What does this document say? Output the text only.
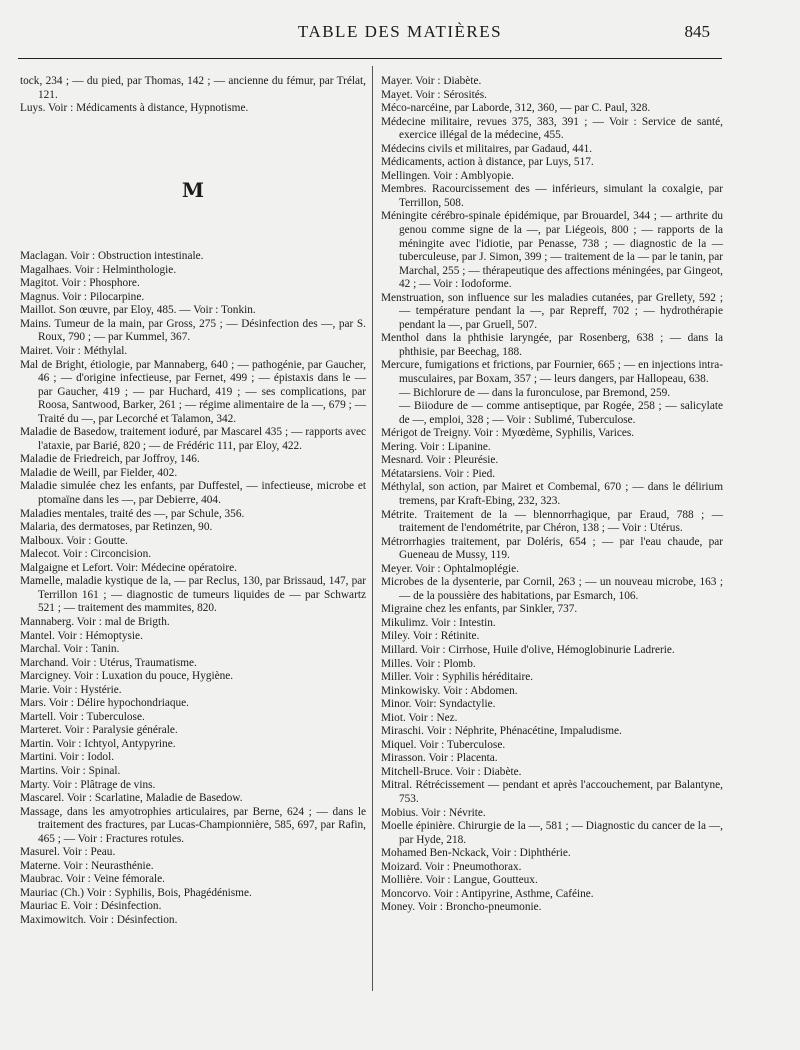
TABLE DES MATIÈRES	845

tock, 234 ; — du pied, par Thomas, 142 ; — ancienne du fémur, par Trélat, 121.

Luys. Voir : Médicaments à distance, Hypnotisme.

M

Maclagan. Voir : Obstruction intestinale.

Magalhaes. Voir : Helminthologie.

Magitot. Voir : Phosphore.

Magnus. Voir : Pilocarpine.

Maillot. Son œuvre, par Eloy, 485. — Voir : Tonkin.

Mains. Tumeur de la main, par Gross, 275 ; — Désinfection des —, par S. Roux, 790 ; — par Kummel, 367.

Mairet. Voir : Méthylal.

Mal de Bright, étiologie, par Mannaberg, 640 ; — pathogénie, par Gaucher, 46 ; — d'origine infectieuse, par Fernet, 499 ; — épistaxis dans le — par Gaucher, 419 ; — par Huchard, 419 ; — ses complications, par Roosa, Santwood, Barker, 261 ; — régime alimentaire de la —, 679 ; — Traité du —, par Lecorché et Talamon, 342.

Maladie de Basedow, traitement ioduré, par Mascarel 435 ; — rapports avec l'ataxie, par Barié, 820 ; — de Frédéric 111, par Eloy, 422.

Maladie de Friedreich, par Joffroy, 146.

Maladie de Weill, par Fielder, 402.

Maladie simulée chez les enfants, par Duffestel, — infectieuse, microbe et ptomaïne dans les —, par Debierre, 404.

Maladies mentales, traité des —, par Schule, 356.

Malaria, des dermatoses, par Retinzen, 90.

Malboux. Voir : Goutte.

Malecot. Voir : Circoncision.

Malgaigne et Lefort. Voir: Médecine opératoire.

Mamelle, maladie kystique de la, — par Reclus, 130, par Brissaud, 147, par Terrillon 161 ; — diagnostic de tumeurs liquides de — par Schwartz 521 ; — traitement des mammites, 820.

Mannaberg. Voir : mal de Brigth.

Mantel. Voir : Hémoptysie.

Marchal. Voir : Tanin.

Marchand. Voir : Utérus, Traumatisme.

Marcigney. Voir : Luxation du pouce, Hygiène.

Marie. Voir : Hystérie.

Mars. Voir : Délire hypochondriaque.

Martell. Voir : Tuberculose.

Marteret. Voir : Paralysie générale.

Martin. Voir : Ichtyol, Antypyrine.

Martini. Voir : Iodol.

Martins. Voir : Spinal.

Marty. Voir : Plâtrage de vins.

Mascarel. Voir : Scarlatine, Maladie de Basedow.

Massage, dans les amyotrophies articulaires, par Berne, 624 ; — dans le traitement des fractures, par Lucas-Championnière, 585, 697, par Rafin, 465 ; — Voir : Fractures rotules.

Masurel. Voir : Peau.

Materne. Voir : Neurasthénie.

Maubrac. Voir : Veine fémorale.

Mauriac (Ch.) Voir : Syphilis, Bois, Phagédénisme.

Mauriac E. Voir : Désinfection.

Maximowitch. Voir : Désinfection.

Mayer. Voir : Diabète.

Mayet. Voir : Sérosités.

Méco-narcéine, par Laborde, 312, 360, — par C. Paul, 328.

Médecine militaire, revues 375, 383, 391 ; — Voir : Service de santé, exercice illégal de la médecine, 455.

Médecins civils et militaires, par Gadaud, 441.

Médicaments, action à distance, par Luys, 517.

Mellingen. Voir : Amblyopie.

Membres. Racourcissement des — inférieurs, simulant la coxalgie, par Terrillon, 508.

Méningite cérébro-spinale épidémique, par Brouardel, 344 ; — arthrite du genou comme signe de la —, par Liégeois, 800 ; — rapports de la méningite avec l'idiotie, par Penasse, 738 ; — diagnostic de la — tuberculeuse, par J. Simon, 399 ; — traitement de la — par le tanin, par Marchal, 255 ; — thérapeutique des affections méningées, par Gingeot, 42 ; — Voir : Iodoforme.

Menstruation, son influence sur les maladies cutanées, par Grellety, 592 ; — température pendant la —, par Repreff, 702 ; — hydrothérapie pendant la —, par Gruell, 507.

Menthol dans la phthisie laryngée, par Rosenberg, 638 ; — dans la phthisie, par Beechag, 188.

Mercure, fumigations et frictions, par Fournier, 665 ; — en injections intra-musculaires, par Boxam, 357 ; — leurs dangers, par Hallopeau, 638.

— Bichlorure de — dans la furonculose, par Bremond, 259.

— Biiodure de — comme antiseptique, par Rogée, 258 ; — salicylate de —, emploi, 328 ; — Voir : Sublimé, Tuberculose.

Mérigot de Treigny. Voir : Myœdème, Syphilis, Varices.

Mering. Voir : Lipanine.

Mesnard. Voir : Pleurésie.

Métatarsiens. Voir : Pied.

Méthylal, son action, par Mairet et Combemal, 670 ; — dans le délirium tremens, par Kraft-Ebing, 232, 323.

Métrite. Traitement de la — blennorrhagique, par Eraud, 788 ; — traitement de l'endométrite, par Chéron, 138 ; — Voir : Utérus.

Métrorrhagies traitement, par Doléris, 654 ; — par l'eau chaude, par Gueneau de Mussy, 119.

Meyer. Voir : Ophtalmoplégie.

Microbes de la dysenterie, par Cornil, 263 ; — un nouveau microbe, 163 ; — de la poussière des habitations, par Esmarch, 106.

Migraine chez les enfants, par Sinkler, 737.

Mikulimz. Voir : Intestin.

Miley. Voir : Rétinite.

Millard. Voir : Cirrhose, Huile d'olive, Hémoglobinurie Ladrerie.

Milles. Voir : Plomb.

Miller. Voir : Syphilis héréditaire.

Minkowisky. Voir : Abdomen.

Minor. Voir: Syndactylie.

Miot. Voir : Nez.

Miraschi. Voir : Néphrite, Phénacétine, Impaludisme.

Miquel. Voir : Tuberculose.

Mirasson. Voir : Placenta.

Mitchell-Bruce. Voir : Diabète.

Mitral. Rétrécissement — pendant et après l'accouchement, par Balantyne, 753.

Mobius. Voir : Névrite.

Moelle épinière. Chirurgie de la —, 581 ; — Diagnostic du cancer de la —, par Hyde, 218.

Mohamed Ben-Nckack, Voir : Diphthérie.

Moizard. Voir : Pneumothorax.

Mollière. Voir : Langue, Goutteux.

Moncorvo. Voir : Antipyrine, Asthme, Caféine.

Money. Voir : Broncho-pneumonie.
